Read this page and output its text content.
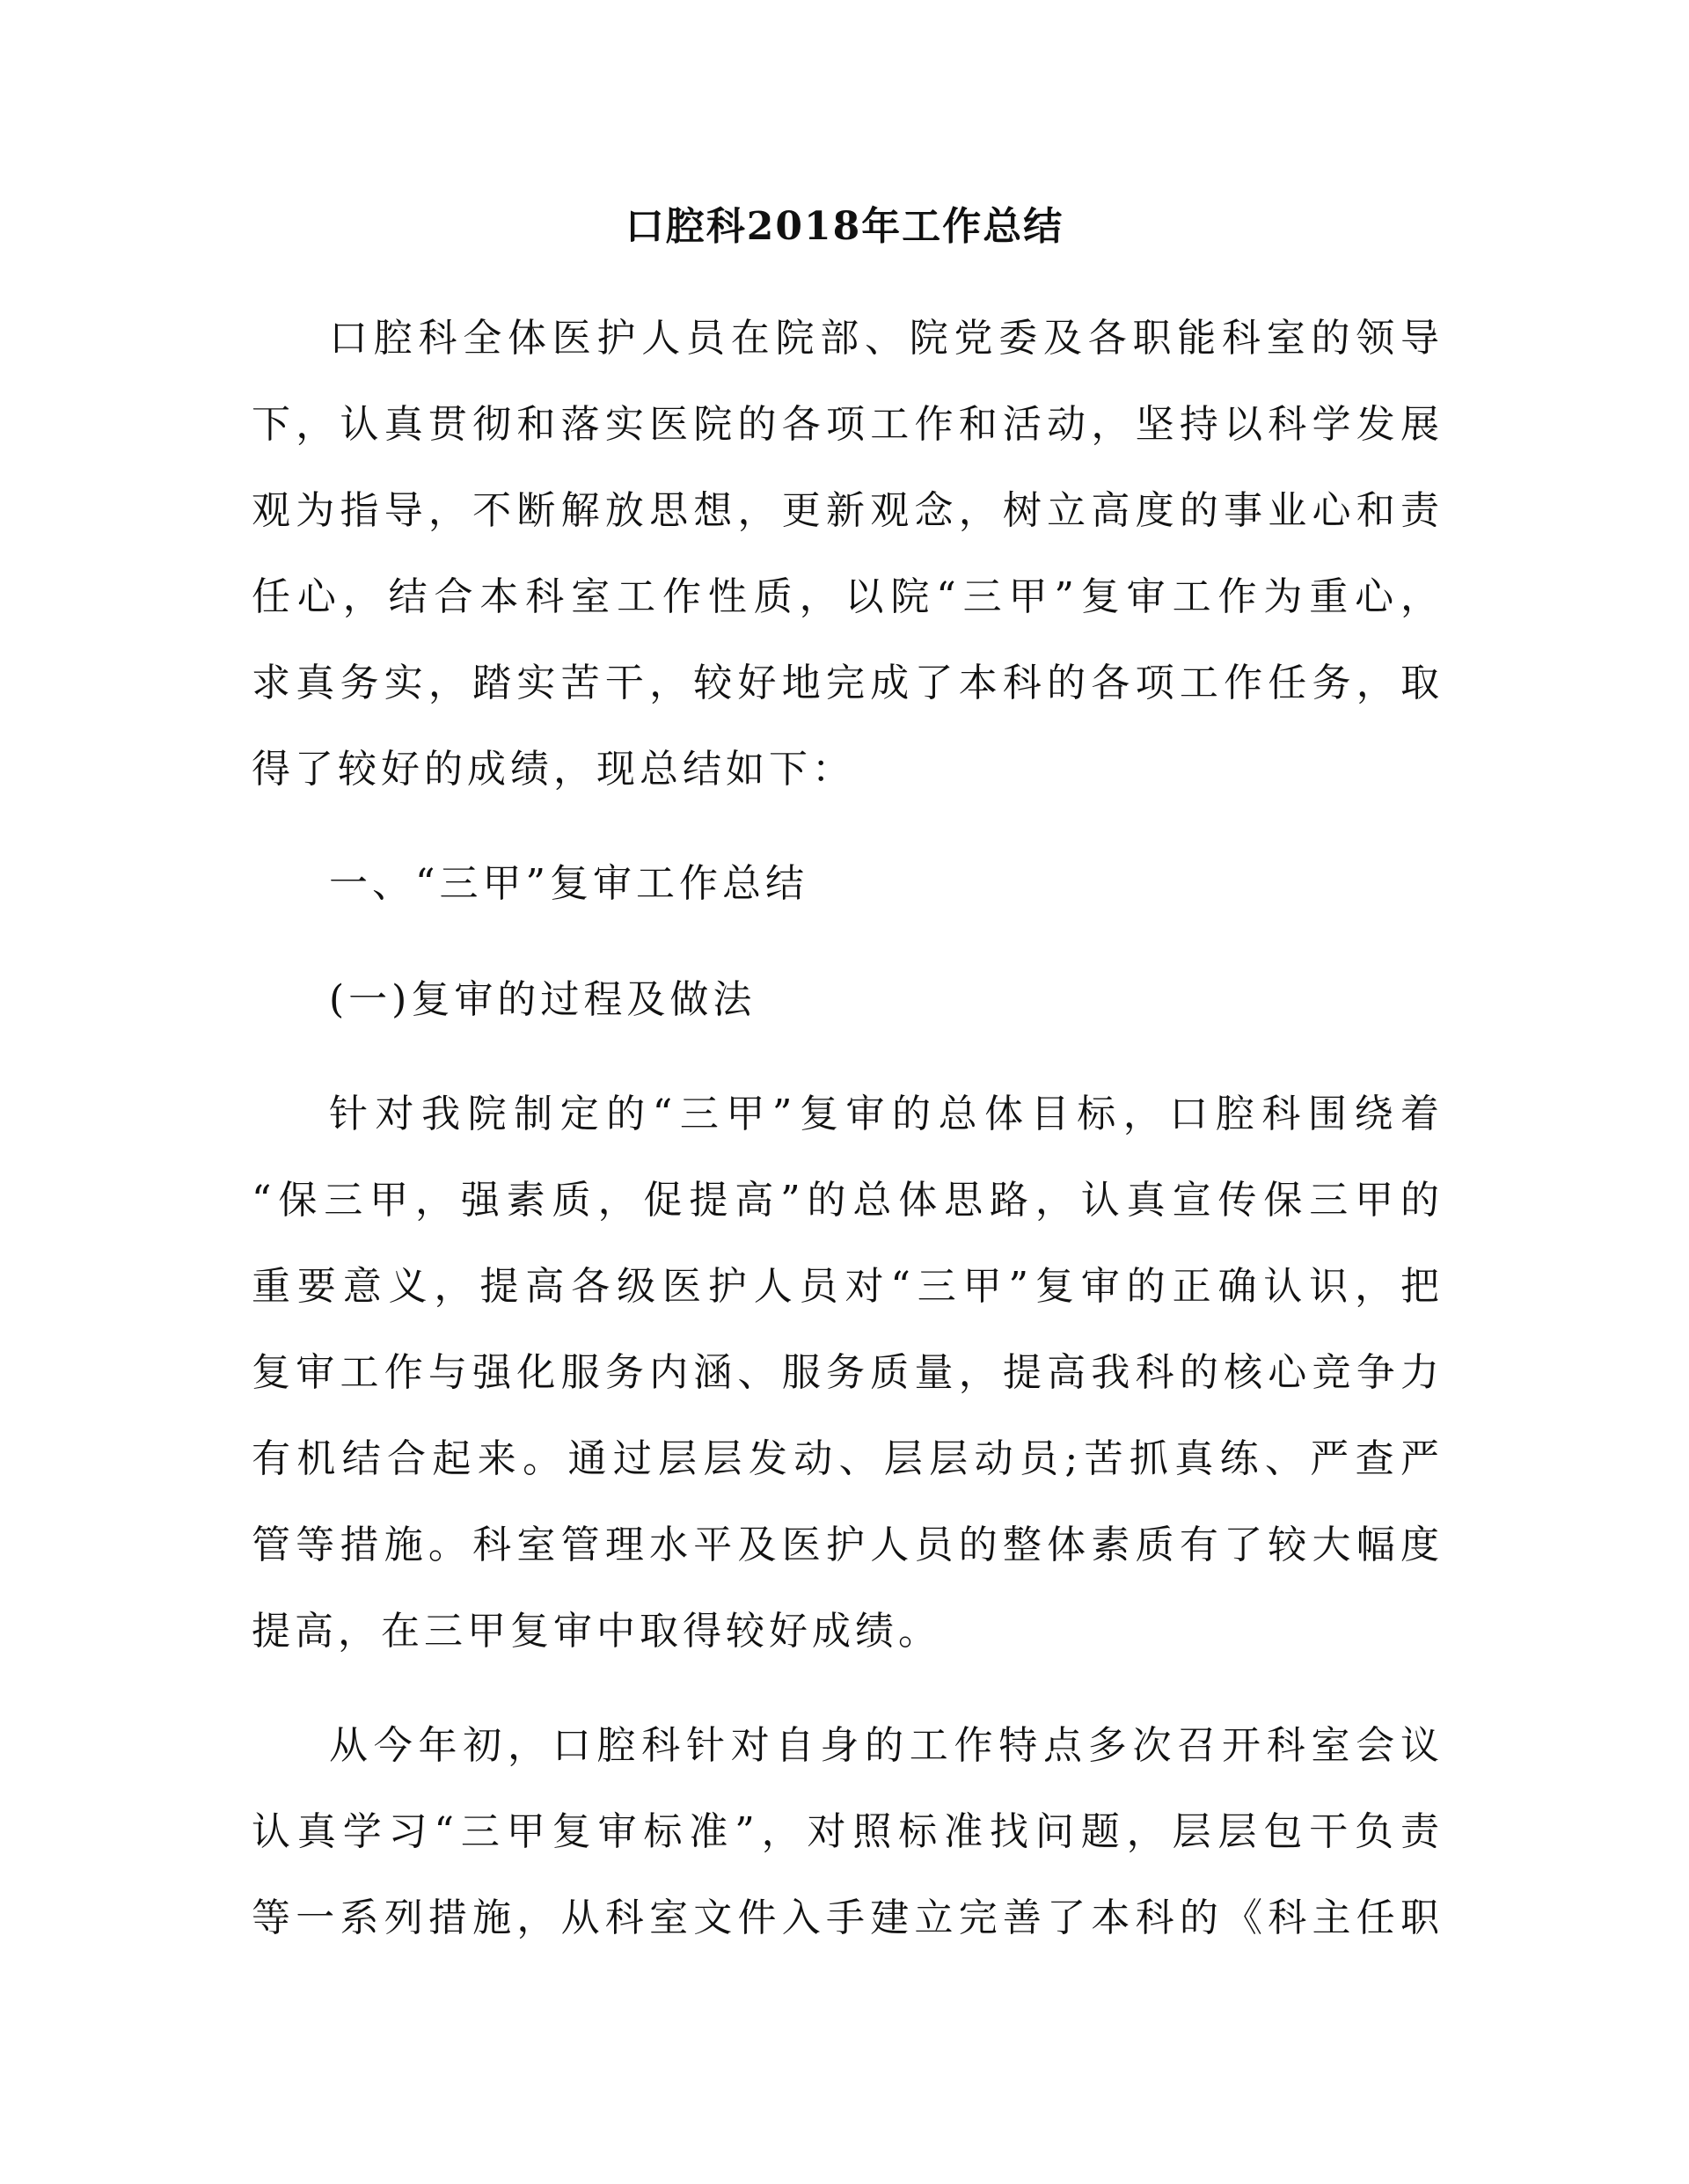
口腔科2018年工作总结
口腔科全体医护人员在院部、院党委及各职能科室的领导
下，认真贯彻和落实医院的各项工作和活动，坚持以科学发展
观为指导，不断解放思想，更新观念，树立高度的事业心和责
任心，结合本科室工作性质，以院“三甲”复审工作为重心，
求真务实，踏实苦干，较好地完成了本科的各项工作任务，取
得了较好的成绩，现总结如下：
一、“三甲”复审工作总结
(一)复审的过程及做法
针对我院制定的“三甲”复审的总体目标，口腔科围绕着
“保三甲，强素质，促提高”的总体思路，认真宣传保三甲的
重要意义，提高各级医护人员对“三甲”复审的正确认识，把
复审工作与强化服务内涵、服务质量，提高我科的核心竞争力
有机结合起来。通过层层发动、层层动员;苦抓真练、严查严
管等措施。科室管理水平及医护人员的整体素质有了较大幅度
提高，在三甲复审中取得较好成绩。
从今年初，口腔科针对自身的工作特点多次召开科室会议
认真学习“三甲复审标准”，对照标准找问题，层层包干负责
等一系列措施，从科室文件入手建立完善了本科的《科主任职
